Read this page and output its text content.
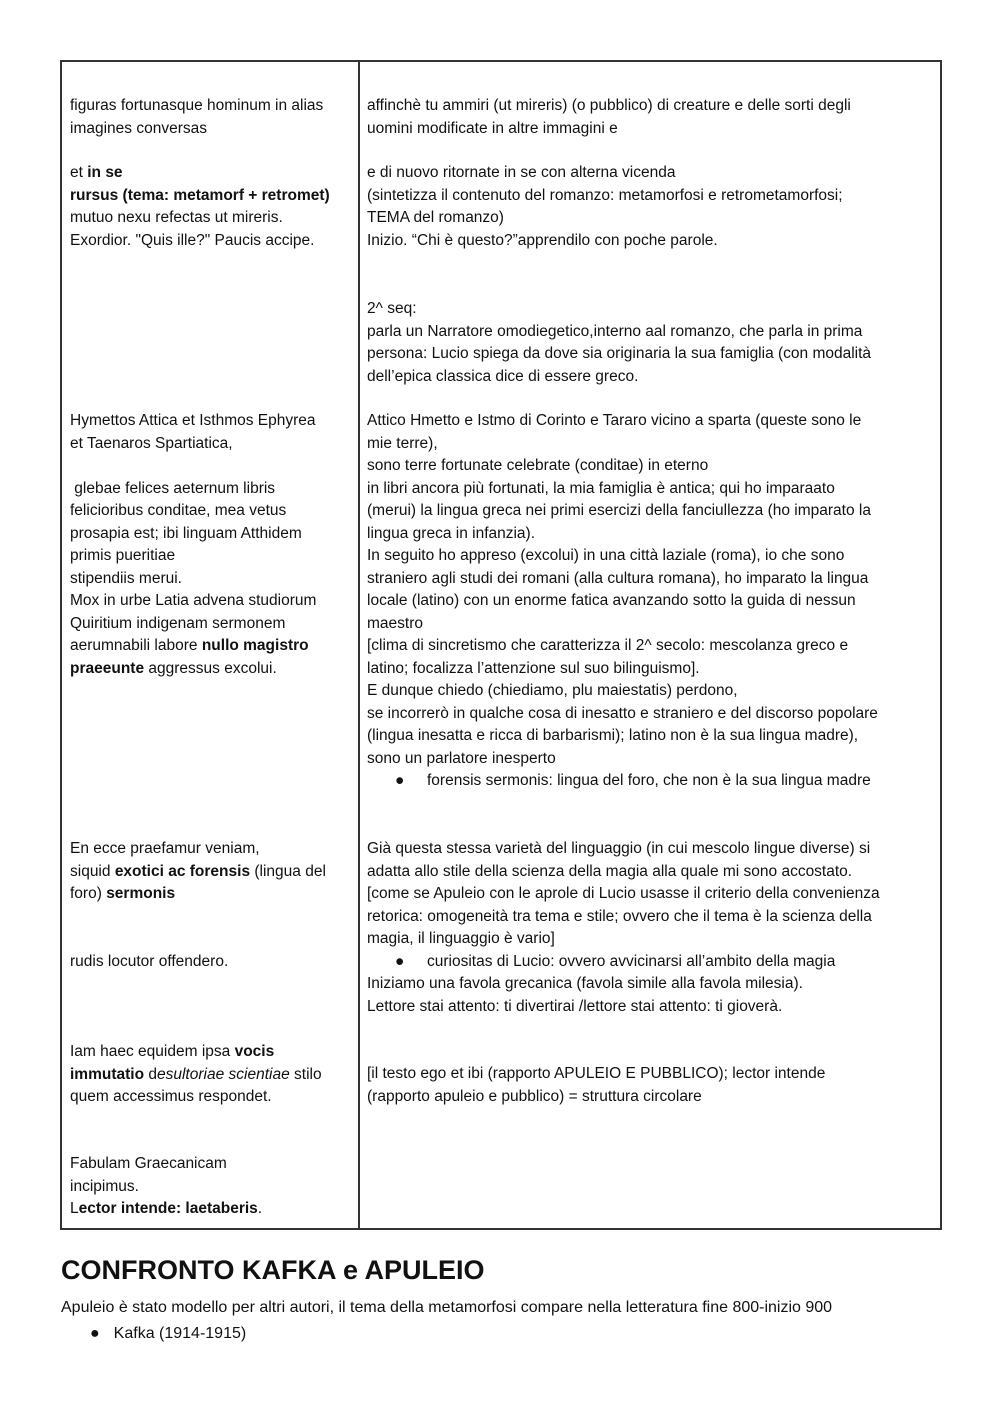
figuras fortunasque hominum in alias

imagines conversas

affinchè tu ammiri (ut mireris) (o pubblico) di creature e delle sorti degli

uomini modificate in altre immagini e

et in se

rursus (tema: metamorf + retromet)

mutuo nexu refectas ut mireris.

Exordior. "Quis ille?" Paucis accipe.

e di nuovo ritornate in se con alterna vicenda

(sintetizza il contenuto del romanzo: metamorfosi e retrometamorfosi;

TEMA del romanzo)

Inizio. “Chi è questo?”apprendilo con poche parole.

2^ seq:

parla un Narratore omodiegetico,interno aal romanzo, che parla in prima

persona: Lucio spiega da dove sia originaria la sua famiglia (con modalità

dell’epica classica dice di essere greco.

Hymettos Attica et Isthmos Ephyrea

et Taenaros Spartiatica,

glebae felices aeternum libris

felicioribus conditae, mea vetus

prosapia est; ibi linguam Atthidem

primis pueritiae

stipendiis merui.

Mox in urbe Latia advena studiorum

Quiritium indigenam sermonem

aerumnabili labore nullo magistro

praeeunte aggressus excolui.

Attico Hmetto e Istmo di Corinto e Tararo vicino a sparta (queste sono le

mie terre),

sono terre fortunate celebrate (conditae) in eterno

in libri ancora più fortunati, la mia famiglia è antica; qui ho imparaato

(merui) la lingua greca nei primi esercizi della fanciullezza (ho imparato la

lingua greca in infanzia).

In seguito ho appreso (excolui) in una città laziale (roma), io che sono

straniero agli studi dei romani (alla cultura romana), ho imparato la lingua

locale (latino) con un enorme fatica avanzando sotto la guida di nessun

maestro

[clima di sincretismo che caratterizza il 2^ secolo: mescolanza greco e

latino; focalizza l’attenzione sul suo bilinguismo].

E dunque chiedo (chiediamo, plu maiestatis) perdono,

se incorrerò in qualche cosa di inesatto e straniero e del discorso popolare

(lingua inesatta e ricca di barbarismi); latino non è la sua lingua madre),

sono un parlatore inesperto

● forensis sermonis: lingua del foro, che non è la sua lingua madre

En ecce praefamur veniam,

siquid exotici ac forensis (lingua del

foro) sermonis

rudis locutor offendero.

Già questa stessa varietà del linguaggio (in cui mescolo lingue diverse) si

adatta allo stile della scienza della magia alla quale mi sono accostato.

[come se Apuleio con le aprole di Lucio usasse il criterio della convenienza

retorica: omogeneità tra tema e stile; ovvero che il tema è la scienza della

magia, il linguaggio è vario]

● curiositas di Lucio: ovvero avvicinarsi all’ambito della magia

Iniziamo una favola grecanica (favola simile alla favola milesia).

Lettore stai attento: ti divertirai /lettore stai attento: ti gioverà.

Iam haec equidem ipsa vocis

immutatio desultoriae scientiae stilo

quem accessimus respondet.

[il testo ego et ibi (rapporto APULEIO E PUBBLICO); lector intende

(rapporto apuleio e pubblico) = struttura circolare

Fabulam Graecanicam

incipimus.

Lector intende: laetaberis.

CONFRONTO KAFKA e APULEIO
Apuleio è stato modello per altri autori, il tema della metamorfosi compare nella letteratura fine 800-inizio 900
● Kafka (1914-1915)
